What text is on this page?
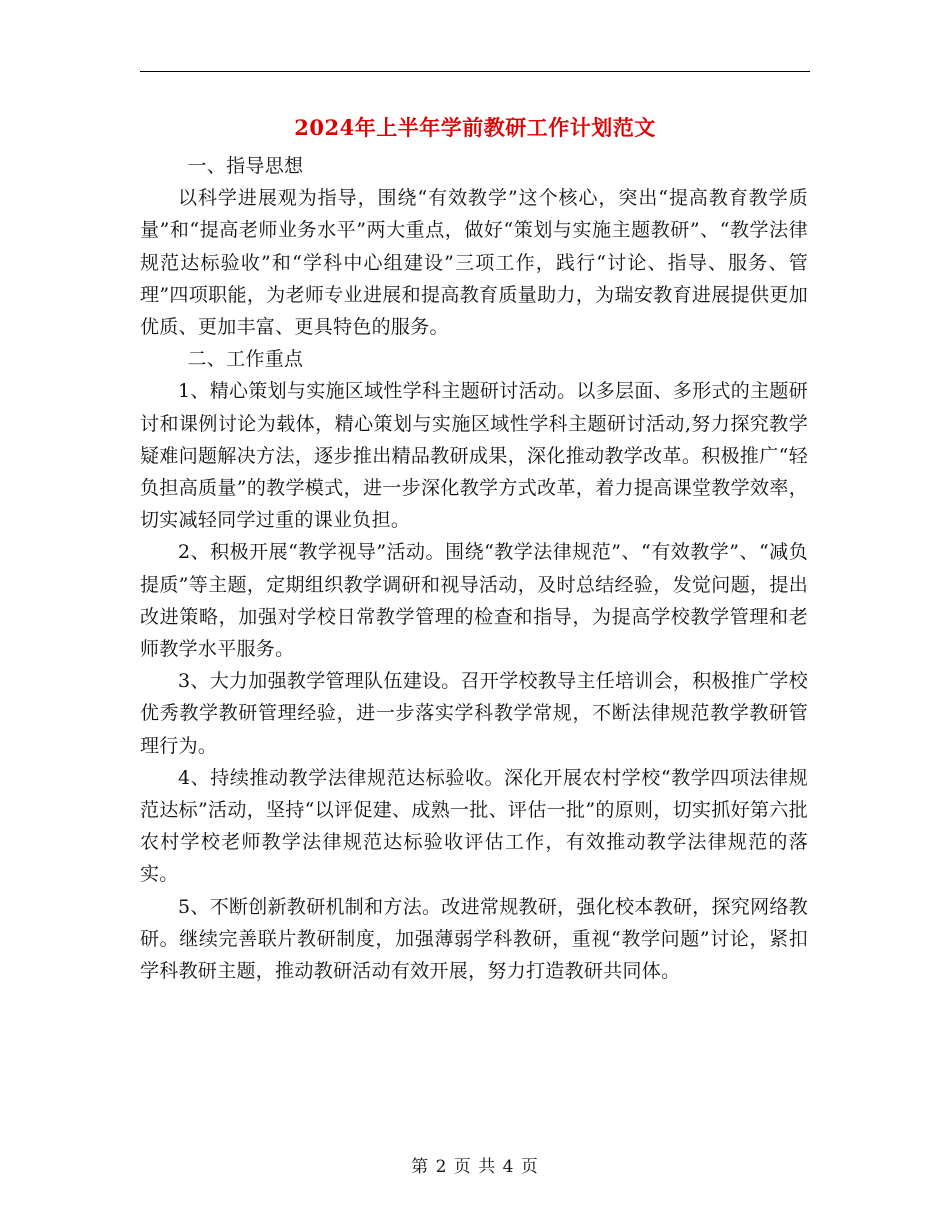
2024年上半年学前教研工作计划范文

一、指导思想

以科学进展观为指导，围绕“有效教学”这个核心，突出“提高教育教学质量”和“提高老师业务水平”两大重点，做好“策划与实施主题教研”、“教学法律规范达标验收”和“学科中心组建设”三项工作，践行“讨论、指导、服务、管理”四项职能，为老师专业进展和提高教育质量助力，为瑞安教育进展提供更加优质、更加丰富、更具特色的服务。

二、工作重点

1、精心策划与实施区域性学科主题研讨活动。以多层面、多形式的主题研讨和课例讨论为载体，精心策划与实施区域性学科主题研讨活动,努力探究教学疑难问题解决方法，逐步推出精品教研成果，深化推动教学改革。积极推广“轻负担高质量”的教学模式，进一步深化教学方式改革，着力提高课堂教学效率，切实减轻同学过重的课业负担。

2、积极开展“教学视导”活动。围绕“教学法律规范”、“有效教学”、“减负提质”等主题，定期组织教学调研和视导活动，及时总结经验，发觉问题，提出改进策略，加强对学校日常教学管理的检查和指导，为提高学校教学管理和老师教学水平服务。

3、大力加强教学管理队伍建设。召开学校教导主任培训会，积极推广学校优秀教学教研管理经验，进一步落实学科教学常规，不断法律规范教学教研管理行为。

4、持续推动教学法律规范达标验收。深化开展农村学校“教学四项法律规范达标”活动，坚持“以评促建、成熟一批、评估一批”的原则，切实抓好第六批农村学校老师教学法律规范达标验收评估工作，有效推动教学法律规范的落实。

5、不断创新教研机制和方法。改进常规教研，强化校本教研，探究网络教研。继续完善联片教研制度，加强薄弱学科教研，重视“教学问题”讨论，紧扣学科教研主题，推动教研活动有效开展，努力打造教研共同体。

第 2 页 共 4 页
